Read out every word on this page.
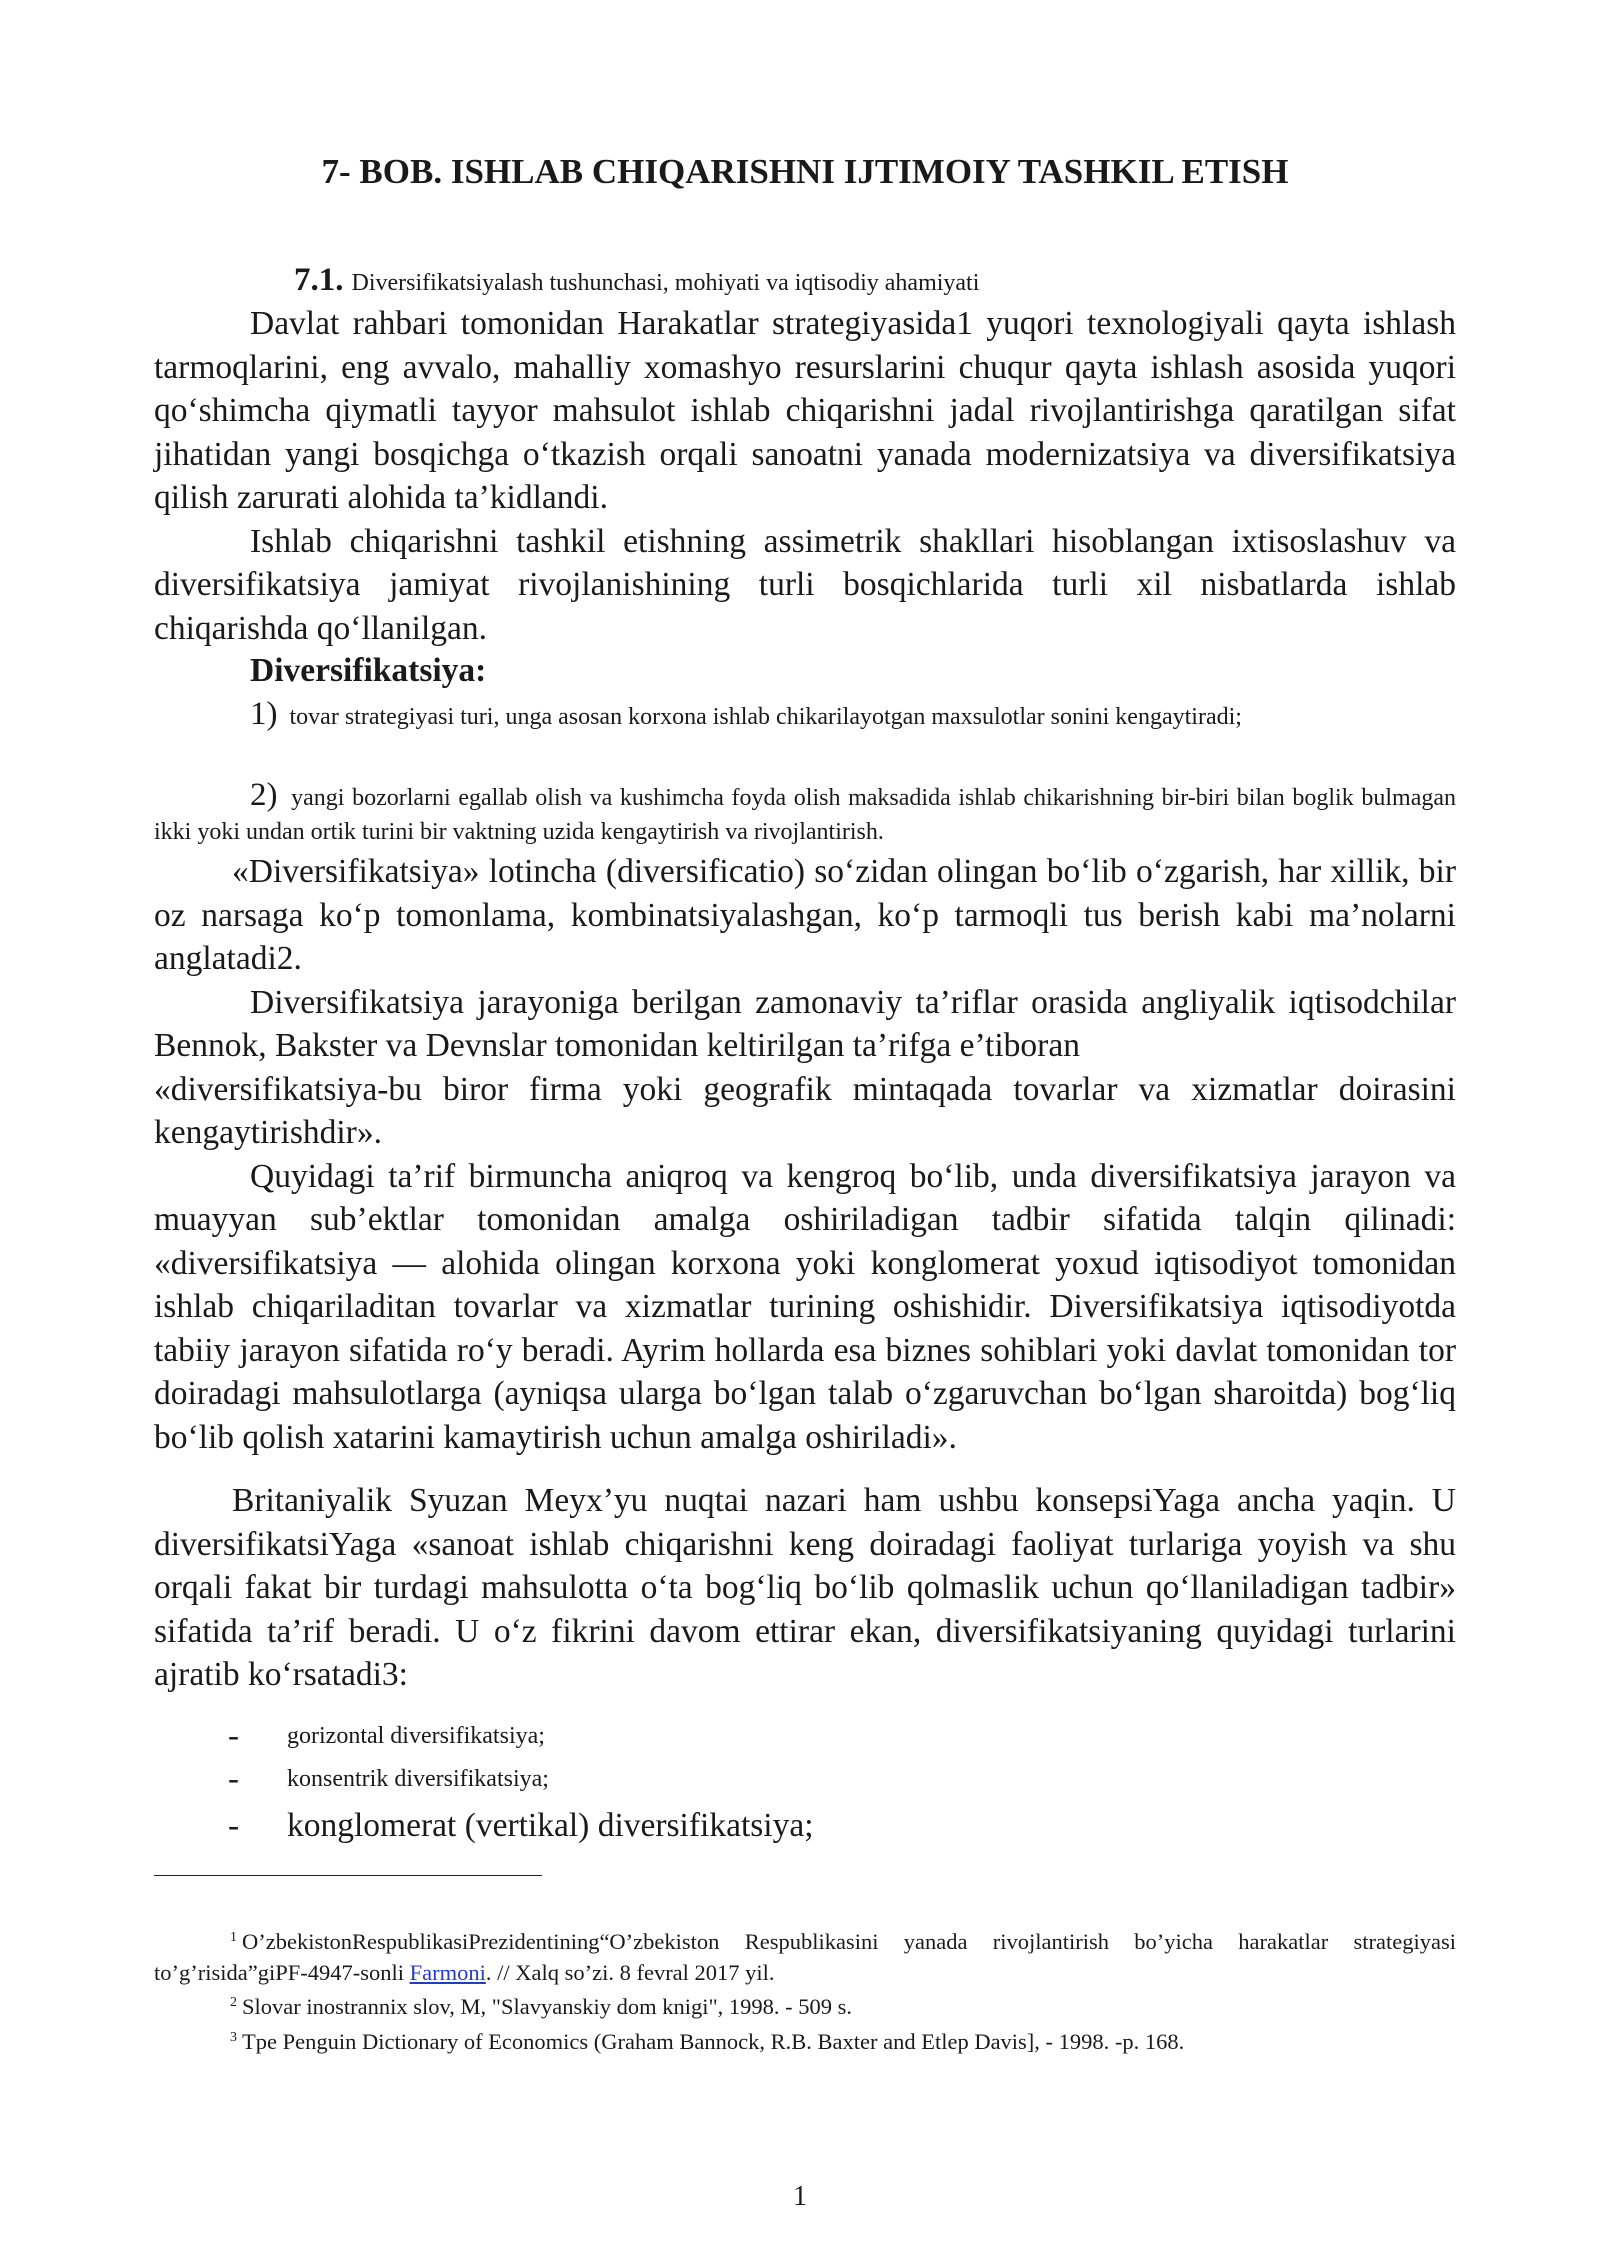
7- BOB. ISHLAB CHIQARISHNI IJTIMOIY TASHKIL ETISH
7.1. Diversifikatsiyalash tushunchasi, mohiyati va iqtisodiy ahamiyati

Davlat rahbari tomonidan Harakatlar strategiyasida1 yuqori texnologiyali qayta ishlash tarmoqlarini, eng avvalo, mahalliy xomashyo resurslarini chuqur qayta ishlash asosida yuqori qo‘shimcha qiymatli tayyor mahsulot ishlab chiqarishni jadal rivojlantirishga qaratilgan sifat jihatidan yangi bosqichga o‘tkazish orqali sanoatni yanada modernizatsiya va diversifikatsiya qilish zarurati alohida ta’kidlandi.

Ishlab chiqarishni tashkil etishning assimetrik shakllari hisoblangan ixtisoslashuv va diversifikatsiya jamiyat rivojlanishining turli bosqichlarida turli xil nisbatlarda ishlab chiqarishda qo‘llanilgan.

Diversifikatsiya:

1) tovar strategiyasi turi, unga asosan korxona ishlab chikarilayotgan maxsulotlar sonini kengaytiradi;

2) yangi bozorlarni egallab olish va kushimcha foyda olish maksadida ishlab chikarishning bir-biri bilan boglik bulmagan ikki yoki undan ortik turini bir vaktning uzida kengaytirish va rivojlantirish.

«Diversifikatsiya» lotincha (diversificatio) so‘zidan olingan bo‘lib o‘zgarish, har xillik, bir oz narsaga ko‘p tomonlama, kombinatsiyalashgan, ko‘p tarmoqli tus berish kabi ma’nolarni anglatadi2.

Diversifikatsiya jarayoniga berilgan zamonaviy ta’riflar orasida angliyalik iqtisodchilar Bennok, Bakster va Devnslar tomonidan keltirilgan ta’rifga e’tiboran

«diversifikatsiya-bu biror firma yoki geografik mintaqada tovarlar va xizmatlar doirasini kengaytirishdir».

Quyidagi ta’rif birmuncha aniqroq va kengroq bo‘lib, unda diversifikatsiya jarayon va muayyan sub’ektlar tomonidan amalga oshiriladigan tadbir sifatida talqin qilinadi: «diversifikatsiya — alohida olingan korxona yoki konglomerat yoxud iqtisodiyot tomonidan ishlab chiqariladitan tovarlar va xizmatlar turining oshishidir. Diversifikatsiya iqtisodiyotda tabiiy jarayon sifatida ro‘y beradi. Ayrim hollarda esa biznes sohiblari yoki davlat tomonidan tor doiradagi mahsulotlarga (ayniqsa ularga bo‘lgan talab o‘zgaruvchan bo‘lgan sharoitda) bog‘liq bo‘lib qolish xatarini kamaytirish uchun amalga oshiriladi».

Britaniyalik Syuzan Meyx’yu nuqtai nazari ham ushbu konsepsiYaga ancha yaqin. U diversifikatsiYaga «sanoat ishlab chiqarishni keng doiradagi faoliyat turlariga yoyish va shu orqali fakat bir turdagi mahsulotta o‘ta bog‘liq bo‘lib qolmaslik uchun qo‘llaniladigan tadbir» sifatida ta’rif beradi. U o‘z fikrini davom ettirar ekan, diversifikatsiyaning quyidagi turlarini ajratib ko‘rsatadi3:

- gorizontal diversifikatsiya;
- konsentrik diversifikatsiya;
- konglomerat (vertikal) diversifikatsiya;

$^1$ O’zbekistonRespublikasiPrezidentining“O’zbekiston Respublikasini yanada rivojlantirish bo’yicha harakatlar strategiyasi to’g’risida”giPF-4947-sonli Farmoni. // Xalq so’zi. 8 fevral 2017 yil.

$^2$ Slovar inostrannix slov, M, "Slavyanskiy dom knigi", 1998. - 509 s.

$^3$ Tpe Penguin Dictionary of Economics (Graham Bannock, R.B. Baxter and Etlep Davis], - 1998. -p. 168.

1
